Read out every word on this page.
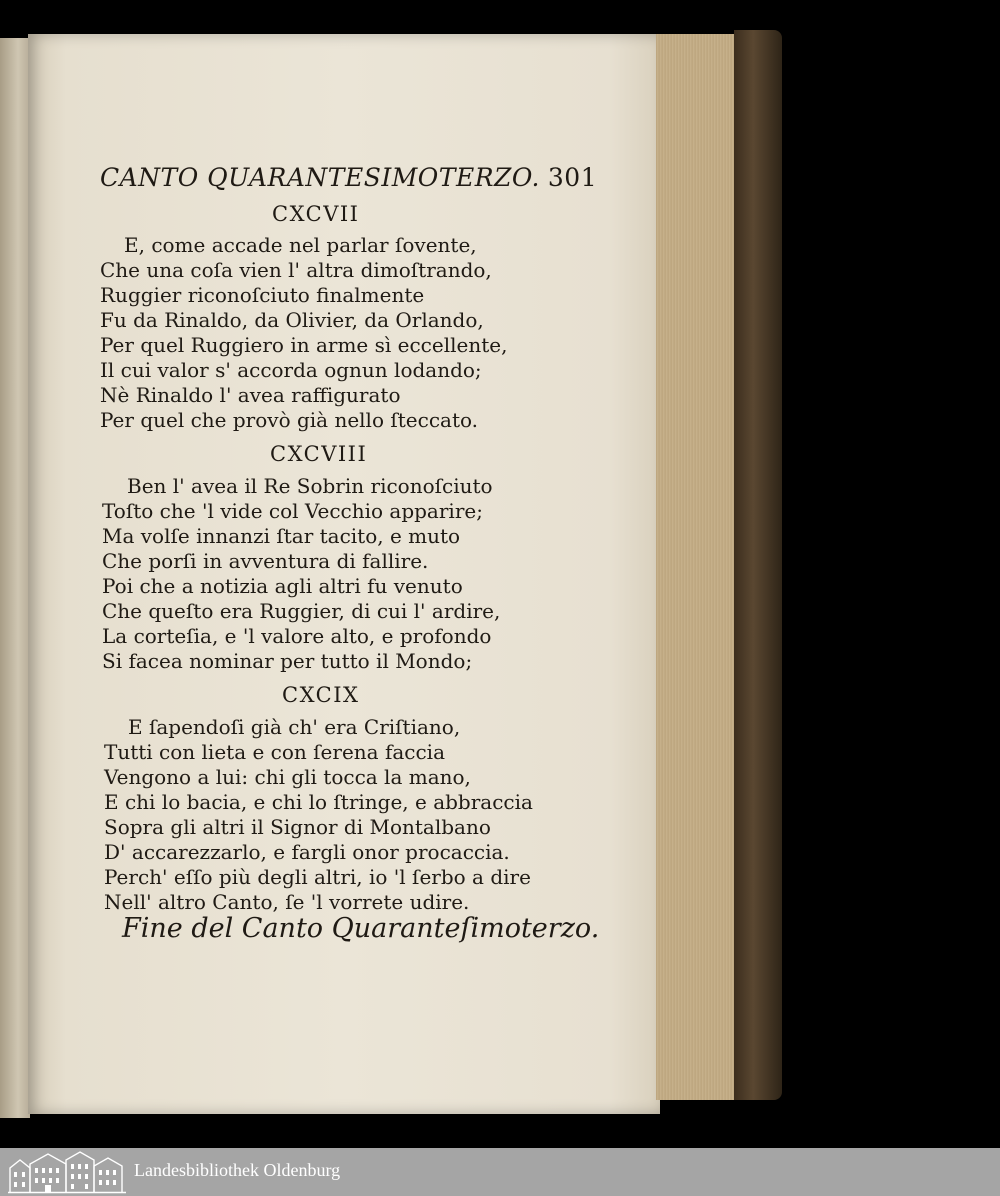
CANTO QUARANTESIMOTERZO. 301
CXCVII
E, come accade nel parlar ſovente,
Che una coſa vien l' altra dimoſtrando,
Ruggier riconoſciuto finalmente
Fu da Rinaldo, da Olivier, da Orlando,
Per quel Ruggiero in arme sì eccellente,
Il cui valor s' accorda ognun lodando;
Nè Rinaldo l' avea raffigurato
Per quel che provò già nello ſteccato.
CXCVIII
Ben l' avea il Re Sobrin riconoſciuto
Toſto che 'l vide col Vecchio apparire;
Ma volſe innanzi ſtar tacito, e muto
Che porſi in avventura di fallire.
Poi che a notizia agli altri fu venuto
Che queſto era Ruggier, di cui l' ardire,
La corteſia, e 'l valore alto, e profondo
Si facea nominar per tutto il Mondo;
CXCIX
E ſapendoſi già ch' era Criſtiano,
Tutti con lieta e con ſerena faccia
Vengono a lui: chi gli tocca la mano,
E chi lo bacia, e chi lo ſtringe, e abbraccia
Sopra gli altri il Signor di Montalbano
D' accarezzarlo, e fargli onor procaccia.
Perch' eſſo più degli altri, io 'l ſerbo a dire
Nell' altro Canto, ſe 'l vorrete udire.
Fine del Canto Quaranteſimoterzo.
Landesbibliothek Oldenburg
